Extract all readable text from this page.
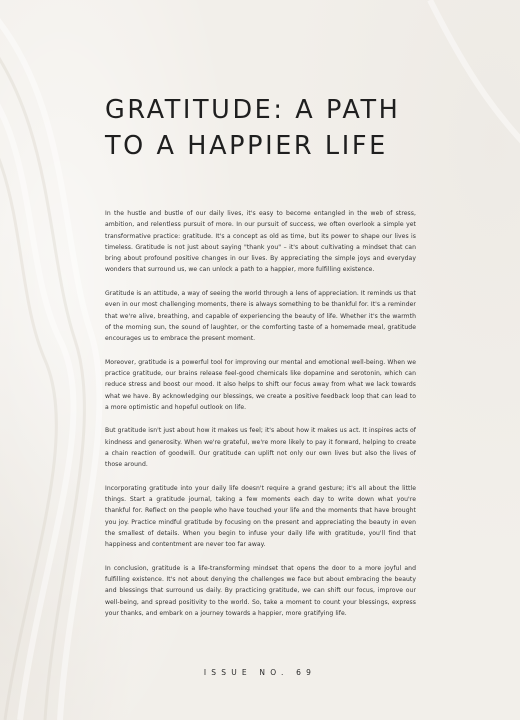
GRATITUDE: A PATH TO A HAPPIER LIFE

In the hustle and bustle of our daily lives, it's easy to become entangled in the web of stress, ambition, and relentless pursuit of more. In our pursuit of success, we often overlook a simple yet transformative practice: gratitude. It's a concept as old as time, but its power to shape our lives is timeless. Gratitude is not just about saying "thank you" – it's about cultivating a mindset that can bring about profound positive changes in our lives. By appreciating the simple joys and everyday wonders that surround us, we can unlock a path to a happier, more fulfilling existence.

Gratitude is an attitude, a way of seeing the world through a lens of appreciation. It reminds us that even in our most challenging moments, there is always something to be thankful for. It's a reminder that we're alive, breathing, and capable of experiencing the beauty of life. Whether it's the warmth of the morning sun, the sound of laughter, or the comforting taste of a homemade meal, gratitude encourages us to embrace the present moment.

Moreover, gratitude is a powerful tool for improving our mental and emotional well-being. When we practice gratitude, our brains release feel-good chemicals like dopamine and serotonin, which can reduce stress and boost our mood. It also helps to shift our focus away from what we lack towards what we have. By acknowledging our blessings, we create a positive feedback loop that can lead to a more optimistic and hopeful outlook on life.

But gratitude isn't just about how it makes us feel; it's about how it makes us act. It inspires acts of kindness and generosity. When we're grateful, we're more likely to pay it forward, helping to create a chain reaction of goodwill. Our gratitude can uplift not only our own lives but also the lives of those around.

Incorporating gratitude into your daily life doesn't require a grand gesture; it's all about the little things. Start a gratitude journal, taking a few moments each day to write down what you're thankful for. Reflect on the people who have touched your life and the moments that have brought you joy. Practice mindful gratitude by focusing on the present and appreciating the beauty in even the smallest of details. When you begin to infuse your daily life with gratitude, you'll find that happiness and contentment are never too far away.

In conclusion, gratitude is a life-transforming mindset that opens the door to a more joyful and fulfilling existence. It's not about denying the challenges we face but about embracing the beauty and blessings that surround us daily. By practicing gratitude, we can shift our focus, improve our well-being, and spread positivity to the world. So, take a moment to count your blessings, express your thanks, and embark on a journey towards a happier, more gratifying life.

ISSUE NO. 69
